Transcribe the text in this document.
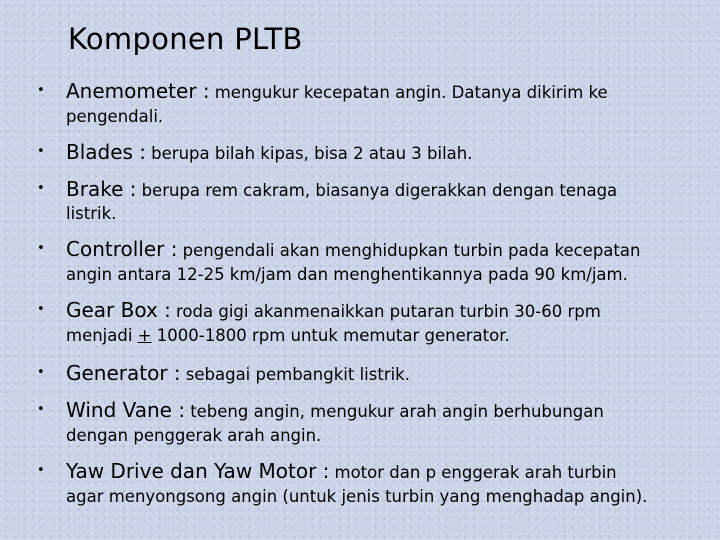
Komponen PLTB
• Anemometer : mengukur kecepatan angin. Datanya dikirim ke
pengendali.
• Blades : berupa bilah kipas, bisa 2 atau 3 bilah.
• Brake : berupa rem cakram, biasanya digerakkan dengan tenaga
listrik.
• Controller : pengendali akan menghidupkan turbin pada kecepatan
angin antara 12-25 km/jam dan menghentikannya pada 90 km/jam.
• Gear Box : roda gigi akanmenaikkan putaran turbin 30-60 rpm
menjadi + 1000-1800 rpm untuk memutar generator.
• Generator : sebagai pembangkit listrik.
• Wind Vane : tebeng angin, mengukur arah angin berhubungan
dengan penggerak arah angin.
• Yaw Drive dan Yaw Motor : motor dan p enggerak arah turbin
agar menyongsong angin (untuk jenis turbin yang menghadap angin).
